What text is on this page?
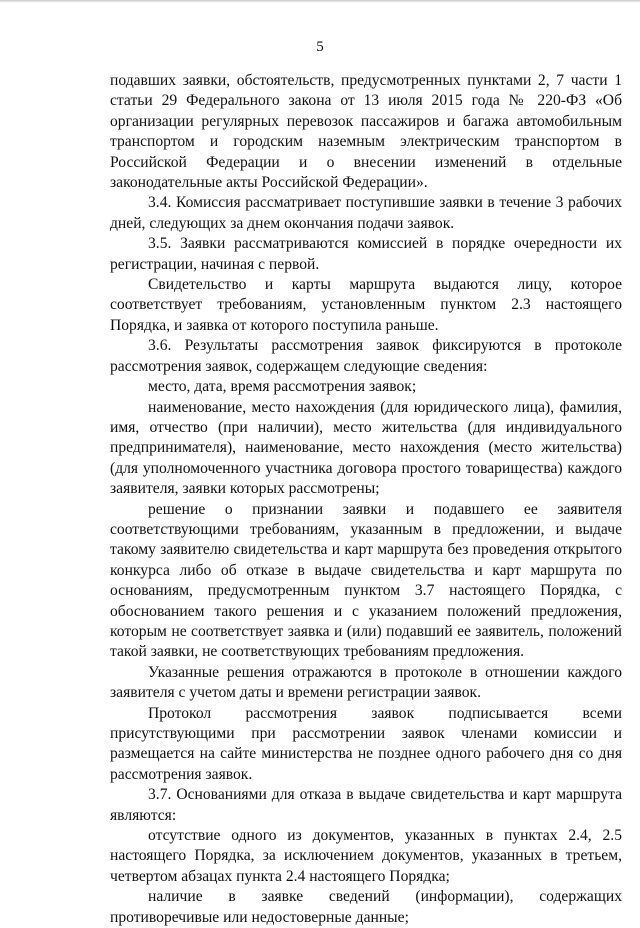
5

подавших заявки, обстоятельств, предусмотренных пунктами 2, 7 части 1 статьи 29 Федерального закона от 13 июля 2015 года № 220-ФЗ «Об организации регулярных перевозок пассажиров и багажа автомобильным транспортом и городским наземным электрическим транспортом в Российской Федерации и о внесении изменений в отдельные законодательные акты Российской Федерации».

3.4. Комиссия рассматривает поступившие заявки в течение 3 рабочих дней, следующих за днем окончания подачи заявок.

3.5. Заявки рассматриваются комиссией в порядке очередности их регистрации, начиная с первой.

Свидетельство и карты маршрута выдаются лицу, которое соответствует требованиям, установленным пунктом 2.3 настоящего Порядка, и заявка от которого поступила раньше.

3.6. Результаты рассмотрения заявок фиксируются в протоколе рассмотрения заявок, содержащем следующие сведения:

место, дата, время рассмотрения заявок;

наименование, место нахождения (для юридического лица), фамилия, имя, отчество (при наличии), место жительства (для индивидуального предпринимателя), наименование, место нахождения (место жительства) (для уполномоченного участника договора простого товарищества) каждого заявителя, заявки которых рассмотрены;

решение о признании заявки и подавшего ее заявителя соответствующими требованиям, указанным в предложении, и выдаче такому заявителю свидетельства и карт маршрута без проведения открытого конкурса либо об отказе в выдаче свидетельства и карт маршрута по основаниям, предусмотренным пунктом 3.7 настоящего Порядка, с обоснованием такого решения и с указанием положений предложения, которым не соответствует заявка и (или) подавший ее заявитель, положений такой заявки, не соответствующих требованиям предложения.

Указанные решения отражаются в протоколе в отношении каждого заявителя с учетом даты и времени регистрации заявок.

Протокол рассмотрения заявок подписывается всеми присутствующими при рассмотрении заявок членами комиссии и размещается на сайте министерства не позднее одного рабочего дня со дня рассмотрения заявок.

3.7. Основаниями для отказа в выдаче свидетельства и карт маршрута являются:

отсутствие одного из документов, указанных в пунктах 2.4, 2.5 настоящего Порядка, за исключением документов, указанных в третьем, четвертом абзацах пункта 2.4 настоящего Порядка;

наличие в заявке сведений (информации), содержащих противоречивые или недостоверные данные;
